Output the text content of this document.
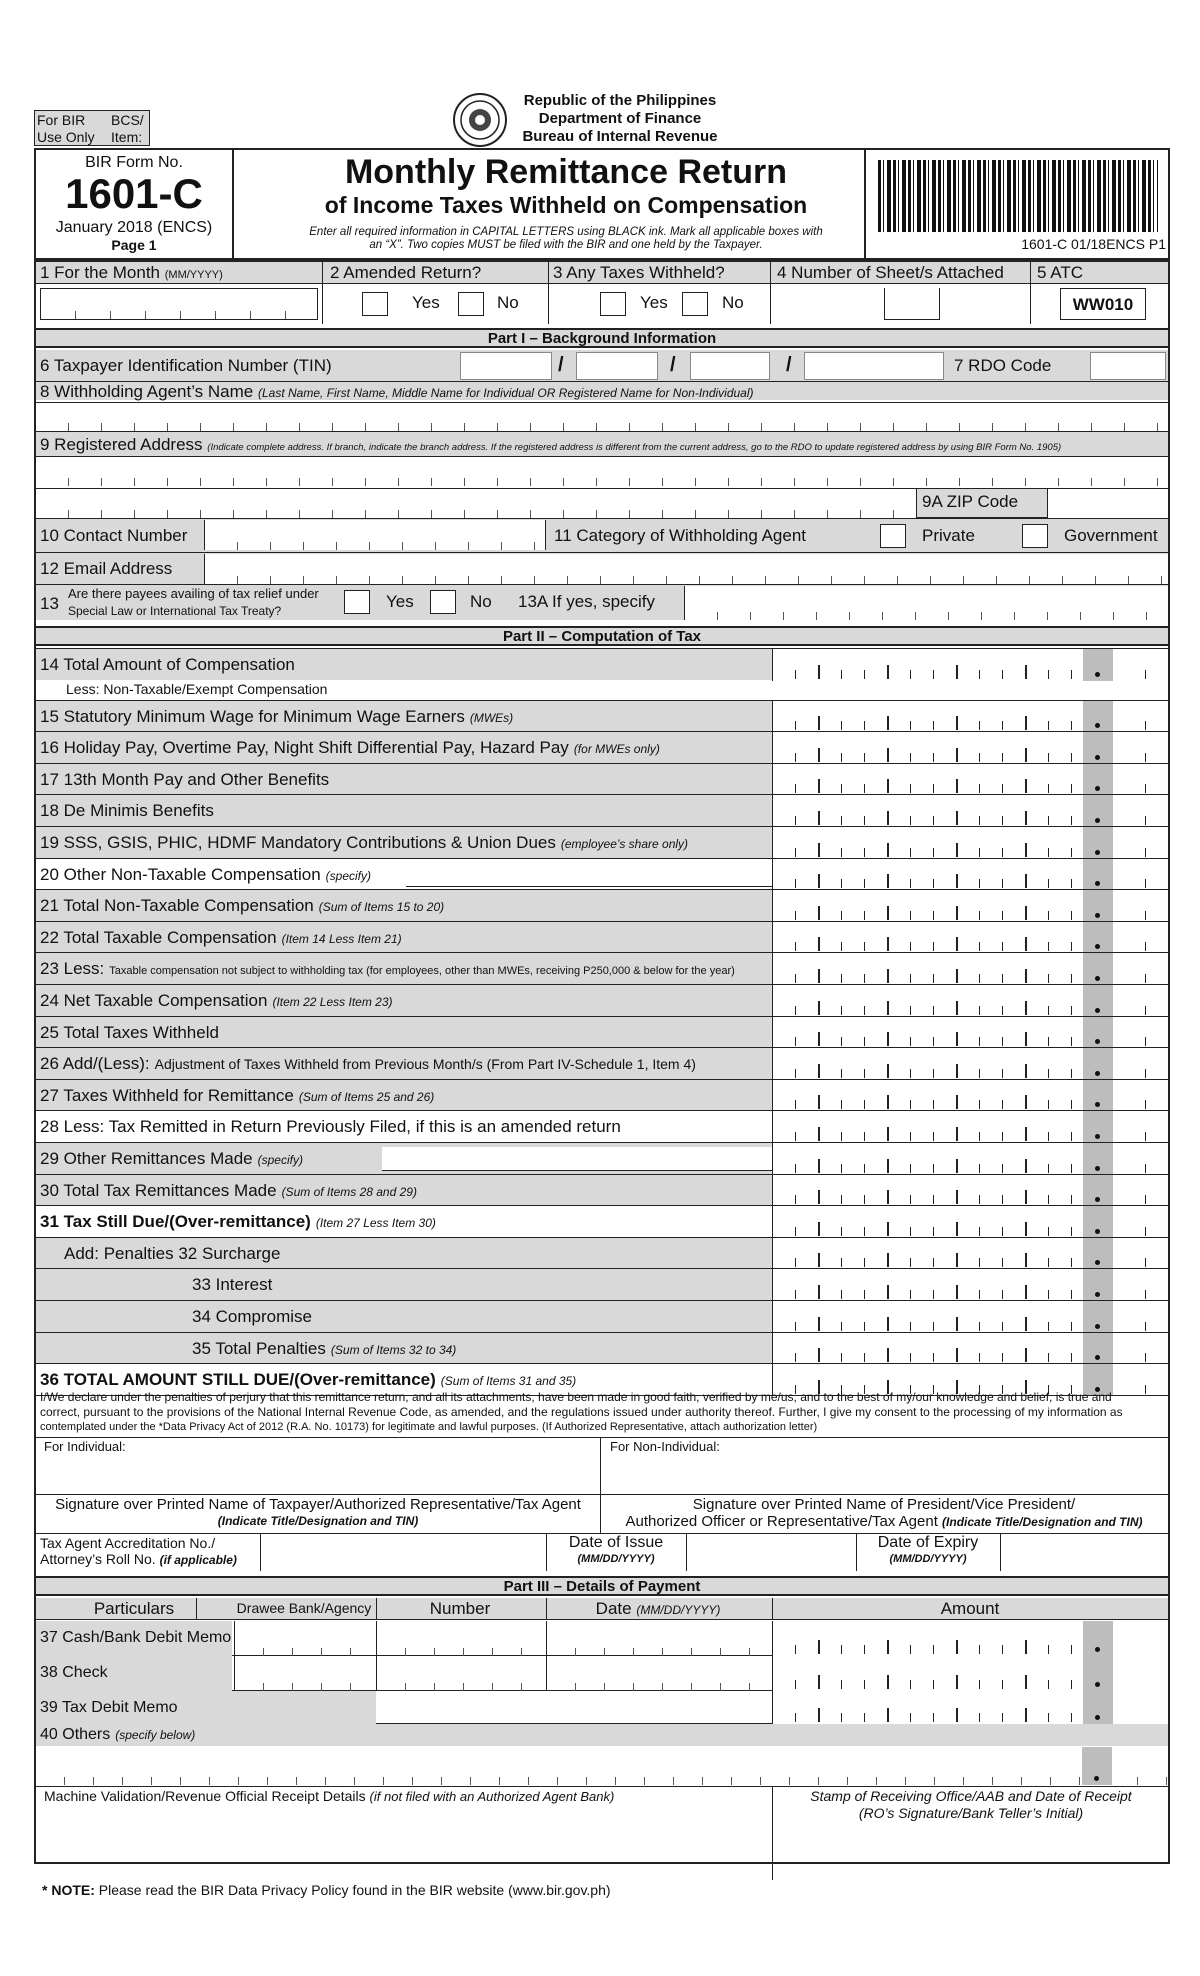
For BIR
Use Only
BCS/
Item:
Republic of the Philippines
Department of Finance
Bureau of Internal Revenue
BIR Form No.
1601-C
January 2018 (ENCS)
Page 1
Monthly Remittance Return
of Income Taxes Withheld on Compensation
Enter all required information in CAPITAL LETTERS using BLACK ink. Mark all applicable boxes with
an “X”. Two copies MUST be filed with the BIR and one held by the Taxpayer.	1601-C 01/18ENCS P1
1 For the Month (MM/YYYY)	2 Amended Return?	3 Any Taxes Withheld?	4 Number of Sheet/s Attached 5 ATC
Yes	No	Yes	No	WW010
Part I – Background Information
6 Taxpayer Identification Number (TIN)	/	/	/	7 RDO Code
8 Withholding Agent’s Name (Last Name, First Name, Middle Name for Individual OR Registered Name for Non-Individual)
9 Registered Address (Indicate complete address. If branch, indicate the branch address. If the registered address is different from the current address, go to the RDO to update registered address by using BIR Form No. 1905)
9A ZIP Code
10 Contact Number	11 Category of Withholding Agent	Private	Government
12 Email Address
13
Are there payees availing of tax relief under
Special Law or International Tax Treaty?	Yes	No 13A If yes, specify
Part II – Computation of Tax
14 Total Amount of Compensation
Less: Non-Taxable/Exempt Compensation
15 Statutory Minimum Wage for Minimum Wage Earners (MWEs)
16 Holiday Pay, Overtime Pay, Night Shift Differential Pay, Hazard Pay (for MWEs only)
17 13th Month Pay and Other Benefits
18 De Minimis Benefits
19 SSS, GSIS, PHIC, HDMF Mandatory Contributions & Union Dues (employee’s share only)
20 Other Non-Taxable Compensation (specify)
21 Total Non-Taxable Compensation (Sum of Items 15 to 20)
22 Total Taxable Compensation (Item 14 Less Item 21)
23 Less: Taxable compensation not subject to withholding tax (for employees, other than MWEs, receiving P250,000 & below for the year)
24 Net Taxable Compensation (Item 22 Less Item 23)
25 Total Taxes Withheld
26 Add/(Less): Adjustment of Taxes Withheld from Previous Month/s (From Part IV-Schedule 1, Item 4)
27 Taxes Withheld for Remittance (Sum of Items 25 and 26)
28 Less: Tax Remitted in Return Previously Filed, if this is an amended return
29 Other Remittances Made (specify)
30 Total Tax Remittances Made (Sum of Items 28 and 29)
31 Tax Still Due/(Over-remittance) (Item 27 Less Item 30)
Add: Penalties 32 Surcharge
33 Interest
34 Compromise
35 Total Penalties (Sum of Items 32 to 34)
36 TOTAL AMOUNT STILL DUE/(Over-remittance) (Sum of Items 31 and 35)
I/We declare under the penalties of perjury that this remittance return, and all its attachments, have been made in good faith, verified by me/us, and to the best of my/our knowledge and belief, is true and
correct, pursuant to the provisions of the National Internal Revenue Code, as amended, and the regulations issued under authority thereof. Further, I give my consent to the processing of my information as
contemplated under the *Data Privacy Act of 2012 (R.A. No. 10173) for legitimate and lawful purposes. (If Authorized Representative, attach authorization letter)
For Individual:	For Non-Individual:
Signature over Printed Name of Taxpayer/Authorized Representative/Tax Agent
(Indicate Title/Designation and TIN)
Signature over Printed Name of President/Vice President/
Authorized Officer or Representative/Tax Agent (Indicate Title/Designation and TIN)
Tax Agent Accreditation No./
Attorney’s Roll No. (if applicable)
Date of Issue
(MM/DD/YYYY)
Date of Expiry
(MM/DD/YYYY)
Part III – Details of Payment
Particulars	Drawee Bank/Agency	Number	Date (MM/DD/YYYY)	Amount
37 Cash/Bank Debit Memo
38 Check
39 Tax Debit Memo
40 Others (specify below)
Machine Validation/Revenue Official Receipt Details (if not filed with an Authorized Agent Bank)	Stamp of Receiving Office/AAB and Date of Receipt
(RO’s Signature/Bank Teller’s Initial)
* NOTE: Please read the BIR Data Privacy Policy found in the BIR website (www.bir.gov.ph)
